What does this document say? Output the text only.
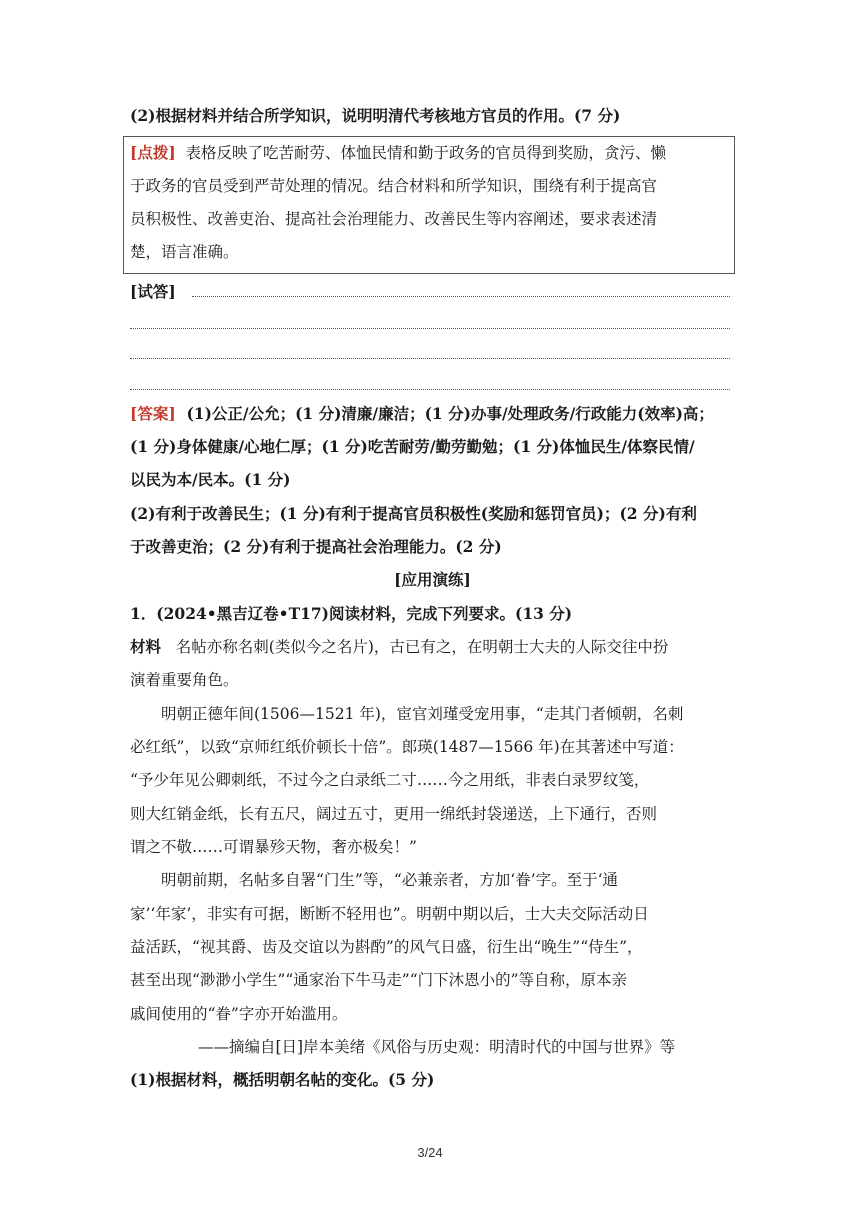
(2)根据材料并结合所学知识，说明明清代考核地方官员的作用。(7 分)
[点拨] 表格反映了吃苦耐劳、体恤民情和勤于政务的官员得到奖励，贪污、懒
于政务的官员受到严苛处理的情况。结合材料和所学知识，围绕有利于提高官
员积极性、改善吏治、提高社会治理能力、改善民生等内容阐述，要求表述清
楚，语言准确。
[试答]
[答案] (1)公正/公允；(1 分)清廉/廉洁；(1 分)办事/处理政务/行政能力(效率)高；
(1 分)身体健康/心地仁厚；(1 分)吃苦耐劳/勤劳勤勉；(1 分)体恤民生/体察民情/
以民为本/民本。(1 分)
(2)有利于改善民生；(1 分)有利于提高官员积极性(奖励和惩罚官员)；(2 分)有利
于改善吏治；(2 分)有利于提高社会治理能力。(2 分)
[应用演练]
1．(2024•黑吉辽卷•T17)阅读材料，完成下列要求。(13 分)
材料 名帖亦称名刺(类似今之名片)，古已有之，在明朝士大夫的人际交往中扮
演着重要角色。
明朝正德年间(1506—1521 年)，宦官刘瑾受宠用事，“走其门者倾朝，名刺
必红纸”，以致“京师红纸价顿长十倍”。郎瑛(1487—1566 年)在其著述中写道：
“予少年见公卿刺纸，不过今之白录纸二寸……今之用纸，非表白录罗纹笺，
则大红销金纸，长有五尺，阔过五寸，更用一绵纸封袋递送，上下通行，否则
谓之不敬……可谓暴殄天物，奢亦极矣！”
明朝前期，名帖多自署“门生”等，“必兼亲者，方加‘眷’字。至于‘通
家’‘年家’，非实有可据，断断不轻用也”。明朝中期以后，士大夫交际活动日
益活跃，“视其爵、齿及交谊以为斟酌”的风气日盛，衍生出“晚生”“侍生”，
甚至出现“渺渺小学生”“通家治下牛马走”“门下沐恩小的”等自称，原本亲
戚间使用的“眷”字亦开始滥用。
——摘编自[日]岸本美绪《风俗与历史观：明清时代的中国与世界》等
(1)根据材料，概括明朝名帖的变化。(5 分)
3/24
